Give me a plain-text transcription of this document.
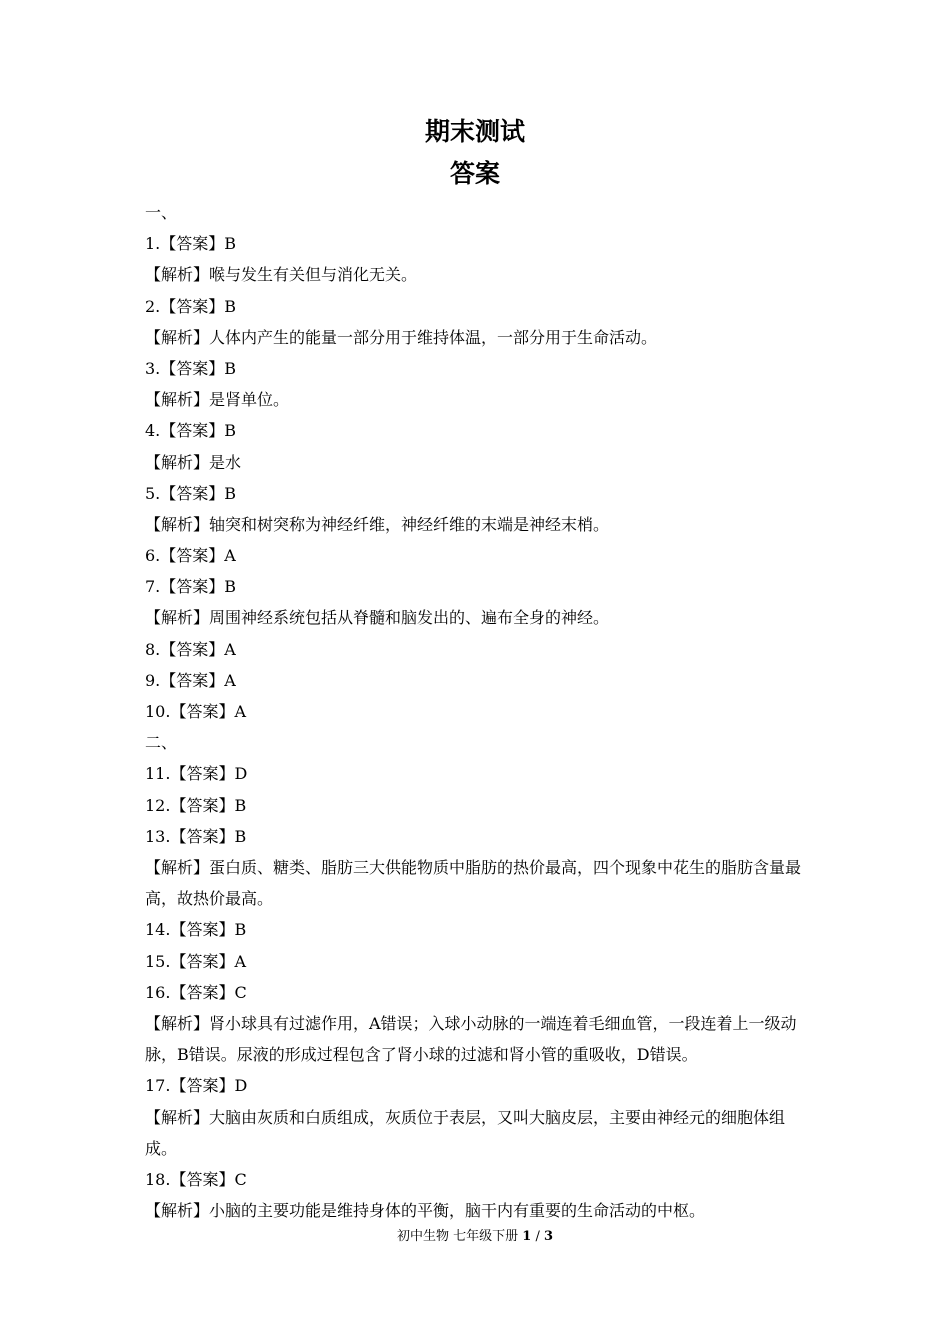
期末测试
答案
一、
1.【答案】B
【解析】喉与发生有关但与消化无关。
2.【答案】B
【解析】人体内产生的能量一部分用于维持体温，一部分用于生命活动。
3.【答案】B
【解析】是肾单位。
4.【答案】B
【解析】是水
5.【答案】B
【解析】轴突和树突称为神经纤维，神经纤维的末端是神经末梢。
6.【答案】A
7.【答案】B
【解析】周围神经系统包括从脊髓和脑发出的、遍布全身的神经。
8.【答案】A
9.【答案】A
10.【答案】A
二、
11.【答案】D
12.【答案】B
13.【答案】B
【解析】蛋白质、糖类、脂肪三大供能物质中脂肪的热价最高，四个现象中花生的脂肪含量最高，故热价最高。
14.【答案】B
15.【答案】A
16.【答案】C
【解析】肾小球具有过滤作用，A错误；入球小动脉的一端连着毛细血管，一段连着上一级动脉，B错误。尿液的形成过程包含了肾小球的过滤和肾小管的重吸收，D错误。
17.【答案】D
【解析】大脑由灰质和白质组成，灰质位于表层，又叫大脑皮层，主要由神经元的细胞体组成。
18.【答案】C
【解析】小脑的主要功能是维持身体的平衡，脑干内有重要的生命活动的中枢。
初中生物 七年级下册 1 / 3
